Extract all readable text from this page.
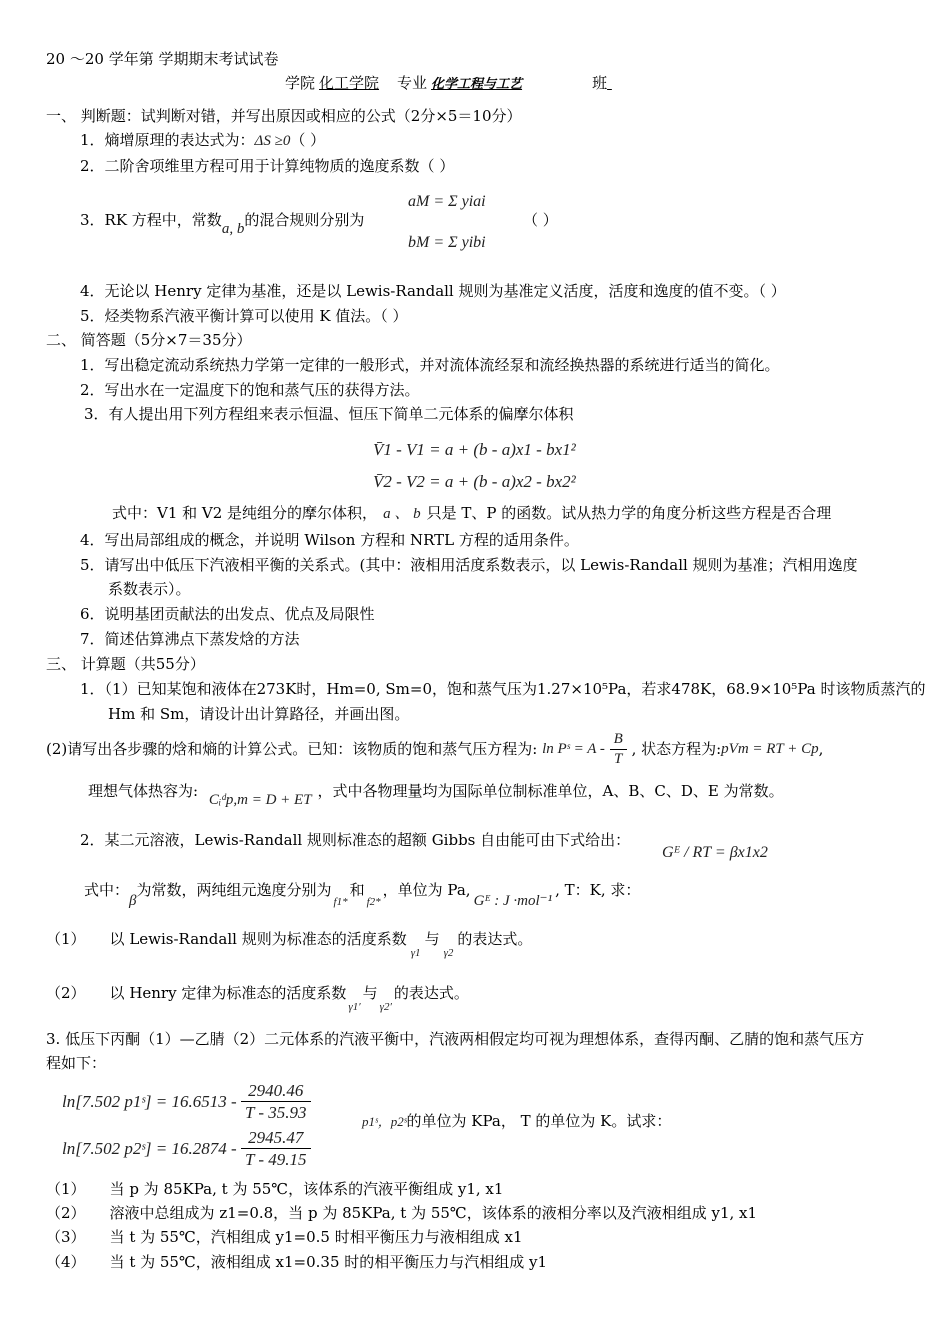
20 ～20 学年第 学期期末考试试卷
学院 化工学院 专业 化学工程与工艺	班
一、 判断题：试判断对错，并写出原因或相应的公式（2分×5＝10分）
1．熵增原理的表达式为：ΔS ≥0（ ）
2．二阶舍项维里方程可用于计算纯物质的逸度系数（ ）
3．RK 方程中，常数a, b的混合规则分别为
aM = Σ yiai
bM = Σ yibi
（ ）
4．无论以 Henry 定律为基准，还是以 Lewis-Randall 规则为基准定义活度，活度和逸度的值不变。（ ）
5．烃类物系汽液平衡计算可以使用 K 值法。（ ）
二、 简答题（5分×7＝35分）
1．写出稳定流动系统热力学第一定律的一般形式，并对流体流经泵和流经换热器的系统进行适当的简化。
2．写出水在一定温度下的饱和蒸气压的获得方法。
3．有人提出用下列方程组来表示恒温、恒压下简单二元体系的偏摩尔体积
V̄1 - V1 = a + (b - a)x1 - bx1²
V̄2 - V2 = a + (b - a)x2 - bx2²
式中：V1 和 V2 是纯组分的摩尔体积， a 、 b 只是 T、P 的函数。试从热力学的角度分析这些方程是否合理
4．写出局部组成的概念，并说明 Wilson 方程和 NRTL 方程的适用条件。
5．请写出中低压下汽液相平衡的关系式。(其中：液相用活度系数表示，以 Lewis-Randall 规则为基准；汽相用逸度
系数表示）。
6．说明基团贡献法的出发点、优点及局限性
7．简述估算沸点下蒸发焓的方法
三、 计算题（共55分）
1．（1）已知某饱和液体在273K时，Hm=0, Sm=0，饱和蒸气压为1.27×10⁵Pa，若求478K，68.9×10⁵Pa 时该物质蒸汽的
Hm 和 Sm，请设计出计算路径，并画出图。
(2)请写出各步骤的焓和熵的计算公式。已知：该物质的饱和蒸气压方程为: ln Pˢ = A - $\frac{B}{T}$ , 状态方程为:pVm = RT + Cp,
理想气体热容为: Cᵢᵈp,m = D + ET ，式中各物理量均为国际单位制标准单位，A、B、C、D、E 为常数。
2．某二元溶液，Lewis-Randall 规则标准态的超额 Gibbs 自由能可由下式给出：
Gᴱ / RT = βx1x2
式中：β为常数，两纯组元逸度分别为$_{f1*}$和$_{f2*}$，单位为 Pa,Gᴱ : J ·mol⁻¹, T：K, 求：
（1） 以 Lewis-Randall 规则为标准态的活度系数$_{\gamma 1}$与$_{\gamma 2}$的表达式。
（2） 以 Henry 定律为标准态的活度系数$_{\gamma 1'}$与$_{\gamma 2'}$的表达式。
3. 低压下丙酮（1）—乙腈（2）二元体系的汽液平衡中，汽液两相假定均可视为理想体系，查得丙酮、乙腈的饱和蒸气压方
程如下：
ln[7.502 p1ˢ] = $16.6513 - \frac{2940.46}{T - 35.93}$
ln[7.502 p2ˢ] = $16.2874 - \frac{2945.47}{T - 49.15}$
p1ˢ，p2ˢ的单位为 KPa， T 的单位为 K。试求：
（1） 当 p 为 85KPa, t 为 55℃，该体系的汽液平衡组成 y1, x1
（2） 溶液中总组成为 z1=0.8，当 p 为 85KPa, t 为 55℃，该体系的液相分率以及汽液相组成 y1, x1
（3） 当 t 为 55℃，汽相组成 y1=0.5 时相平衡压力与液相组成 x1
（4） 当 t 为 55℃，液相组成 x1=0.35 时的相平衡压力与汽相组成 y1
